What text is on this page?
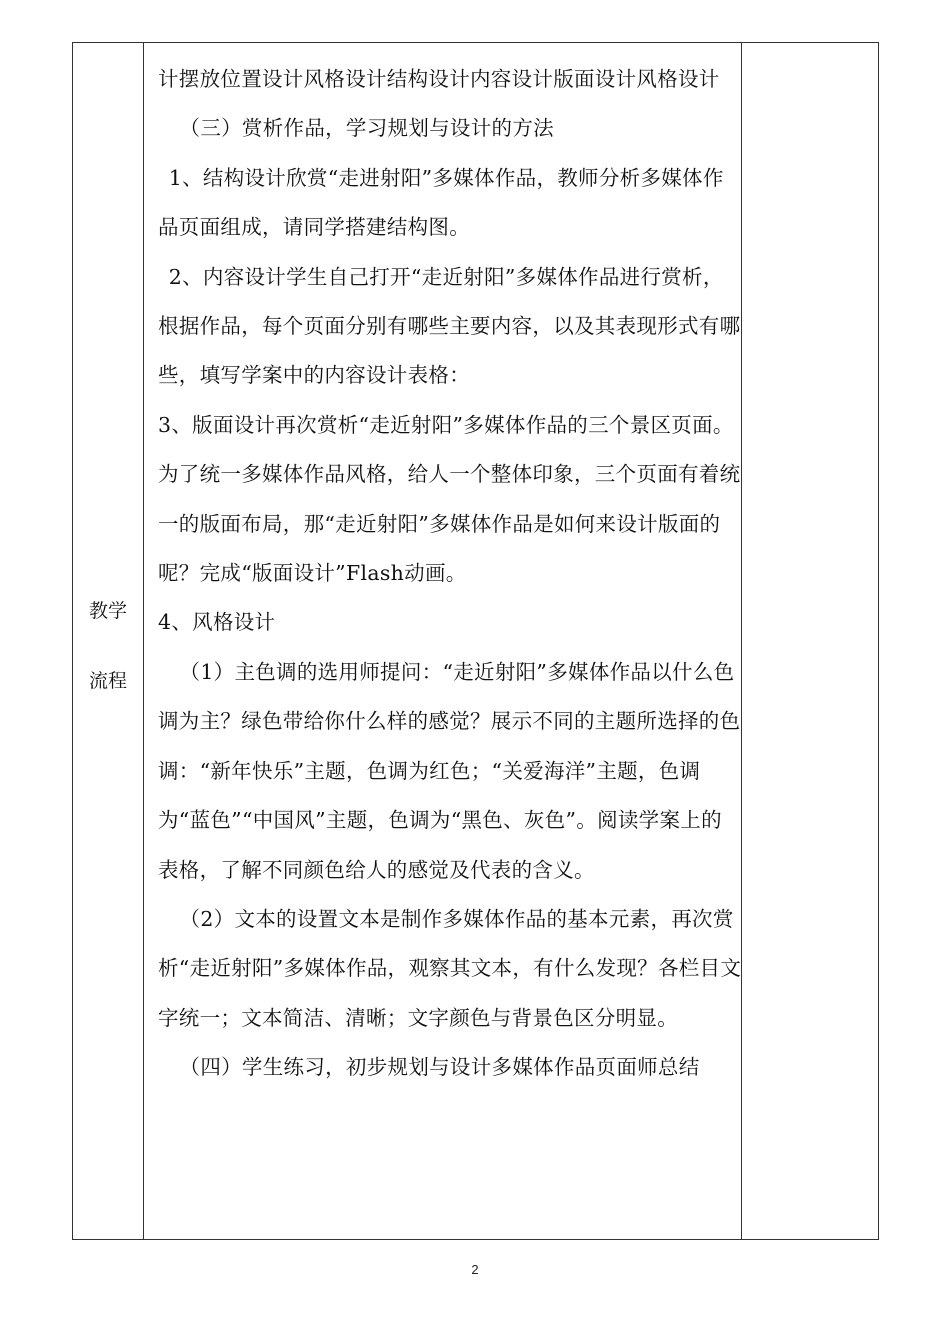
教学
流程

计摆放位置设计风格设计结构设计内容设计版面设计风格设计

（三）赏析作品，学习规划与设计的方法

1、结构设计欣赏“走进射阳”多媒体作品，教师分析多媒体作品页面组成，请同学搭建结构图。

2、内容设计学生自己打开“走近射阳”多媒体作品进行赏析，根据作品，每个页面分别有哪些主要内容，以及其表现形式有哪些，填写学案中的内容设计表格：

3、版面设计再次赏析“走近射阳”多媒体作品的三个景区页面。为了统一多媒体作品风格，给人一个整体印象，三个页面有着统一的版面布局，那“走近射阳”多媒体作品是如何来设计版面的呢？完成“版面设计”Flash动画。

4、风格设计

（1）主色调的选用师提问：“走近射阳”多媒体作品以什么色调为主？绿色带给你什么样的感觉？展示不同的主题所选择的色调：“新年快乐”主题，色调为红色；“关爱海洋”主题，色调为“蓝色”“中国风”主题，色调为“黑色、灰色”。阅读学案上的表格，了解不同颜色给人的感觉及代表的含义。

（2）文本的设置文本是制作多媒体作品的基本元素，再次赏析“走近射阳”多媒体作品，观察其文本，有什么发现？各栏目文字统一；文本简洁、清晰；文字颜色与背景色区分明显。

（四）学生练习，初步规划与设计多媒体作品页面师总结

2
